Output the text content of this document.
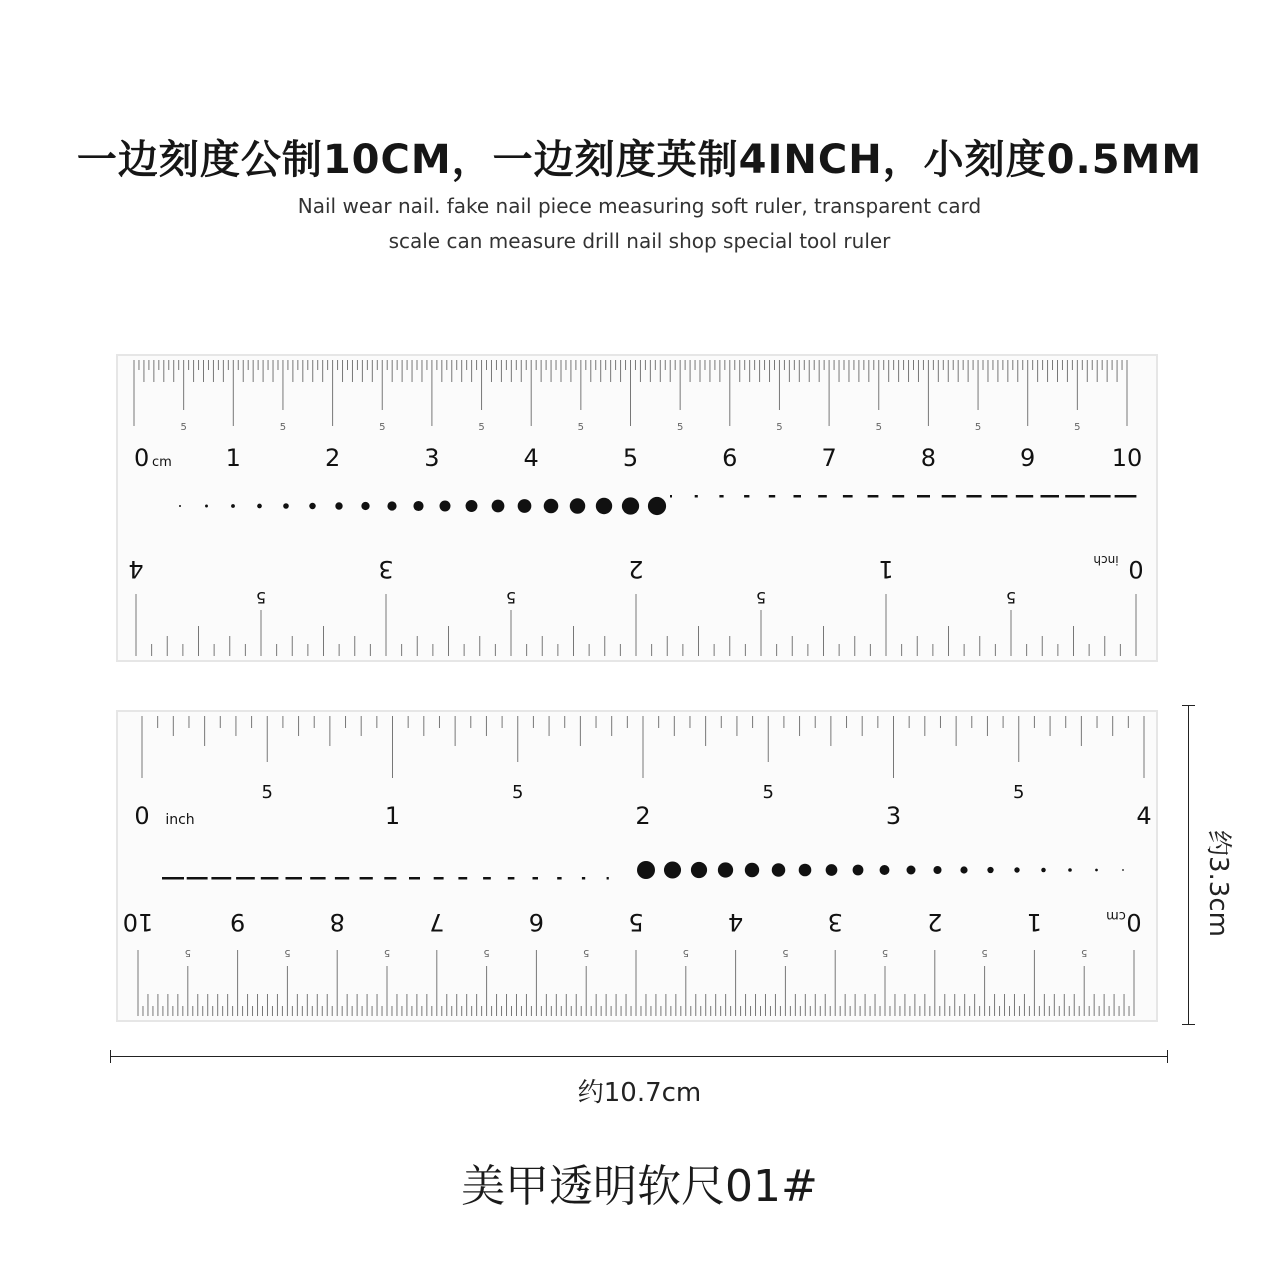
一边刻度公制10CM，一边刻度英制4INCH，小刻度0.5MM
Nail wear nail. fake nail piece measuring soft ruler, transparent card
scale can measure drill nail shop special tool ruler
5	5	5	5	5	5	5	5	5	5
0	1	2	3	4	5	6	7	8	9	10
cm
0
1
2
3
4	inch
5
5
5
5
5	5	5	5
0	1	2	3	4
inch
0
1
2
3
4
5
6
7
8
9
10	cm
5
5
5
5
5
5
5
5
5
5
约3.3cm
约10.7cm
美甲透明软尺01#
